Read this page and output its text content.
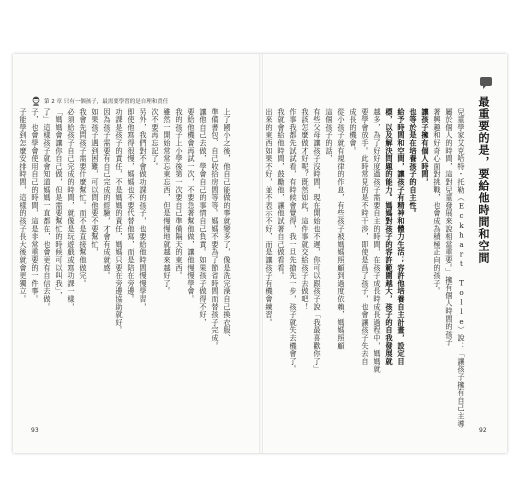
第 2 章 只有一個孩子，最需要學習的是自理和責任
上了國小之後，他自己能做的事就變多了，像是洗完澡自己換衣服、
準備書包、自己收拾房間等等。媽媽不要為了節省時間而替孩子完成。
讓他自己去做，學會自己的事情自己負責。如果孩子做得不好，
要給他機會再試一次，不要急著幫他做，讓他慢慢學會。
我的孩子上小學後第一次要自己準備隔天的東西。
雖然一開始常常忘東忘西，但是慢慢地就越來越好了。
次不要再忘記了。
另外，我們對不會做功課的孩子，也要給他時間慢慢學習，
即使他寫得很慢，媽媽也不要代替他寫，而是陪在旁邊。
功課是孩子的責任，不是媽媽的責任，媽媽只要在旁邊協助就好。
因為孩子需要有自己完成的經驗，才會有成就感。
如果孩子遇到困難，可以問他要不要幫忙，
我會先問孩子需要什麼幫忙。而不是直接幫他做完。
必須給孩子自己完成的時間，就像是玩遊戲或寫功課一樣，
「媽媽會讓你自己做，但是需要幫忙的時候可以叫我」，
了」這樣孩子就會知道媽媽一直都在，也會更有自信去做。
子，也會學會使用自己的時間，這是非常重要的一件事。
子能學到怎麼安排時間，這樣的孩子長大後就會更獨立。	最重要的是，要給他時間和空間
兒童學家艾克哈特・托勒（Eckhart Tolle）說：「讓孩子擁有自己主導
屬於個人的時間，這對兒童發展來說相當重要。」擁有個人時間的孩子
著興趣和好奇心面對挑戰，也會成為積極正向的孩子。
讓孩子擁有個人時間，
也等於是在培養孩子的自主性。
給予時間和空間，讓孩子有精神和體力生活；容許他培養自主計畫，設定目
標，以及解決問題的能力。媽媽對孩子的容許範圍越大，孩子的自我發展就
越多，為了好好度過孩子需要自主的時間，在孩子成長時成長過程中，媽媽就
要學會放手。此時常見的是不時干涉，即使是爲了孩子，也會讓孩子失去自
成長的機會。
從小孩子就有規律的作息，有些孩子被媽媽照顧到過度依賴，媽媽照顧
這個孩子的話，
有些父母讓孩子沒時間，現在開始也不遲，你可以跟孩子說「我最喜歡你了」
我該怎麼做才好呢？既然如此，這件事就交給孩子去做吧！
作事我都先試試看，有時候會覺得，我一旦先搶先一步，孩子就失去機會了。
我就會給他時間，鼓勵他，讓他試著自己做看看。
出來的東西如果不好，並不表示不好，而是讓孩子有機會練習。
93	92
